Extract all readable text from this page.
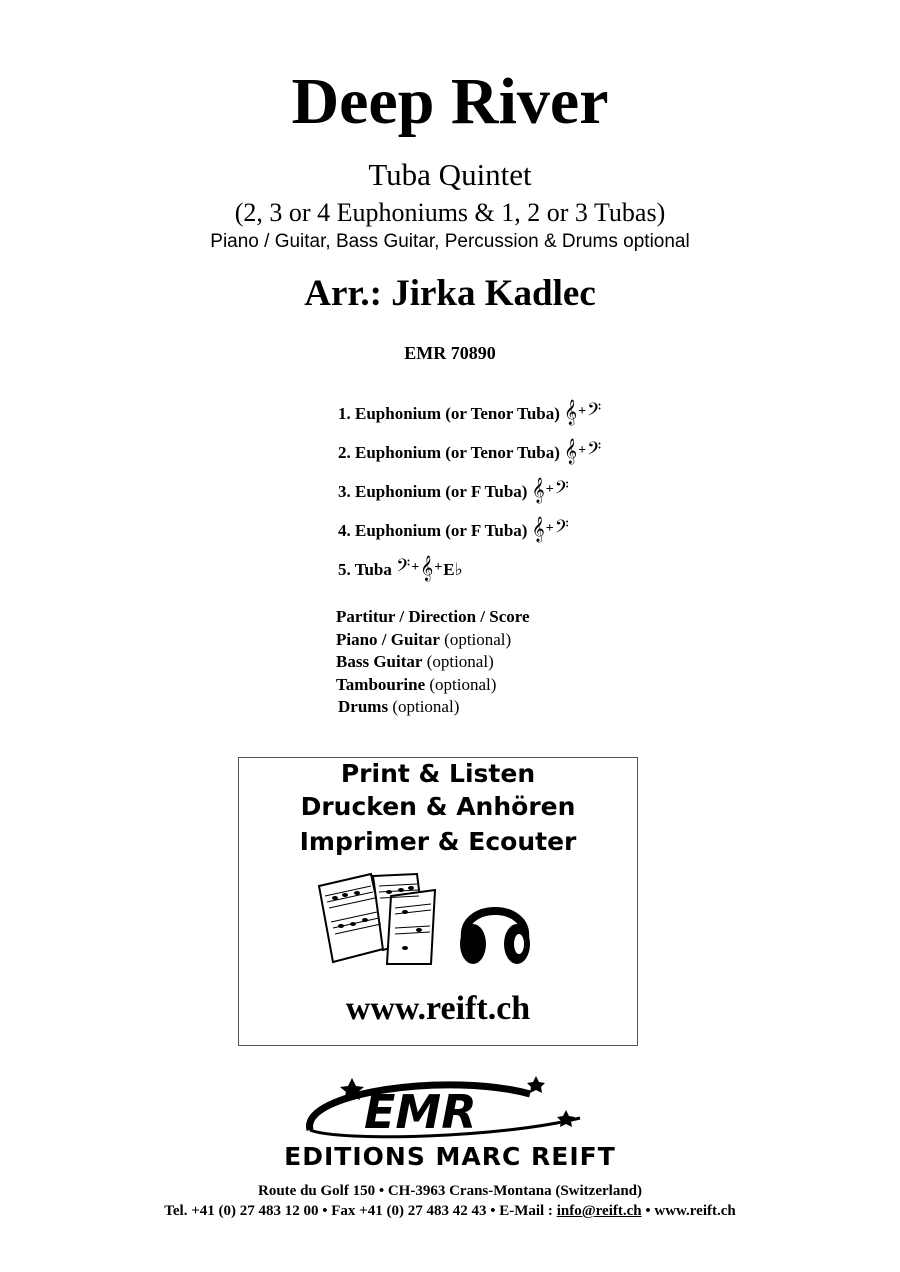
Deep River
Tuba Quintet
(2, 3 or 4 Euphoniums & 1, 2 or 3 Tubas)
Piano / Guitar, Bass Guitar, Percussion & Drums optional
Arr.: Jirka Kadlec
EMR 70890
1. Euphonium (or Tenor Tuba) 𝄞+𝄢
2. Euphonium (or Tenor Tuba) 𝄞+𝄢
3. Euphonium (or F Tuba) 𝄞+𝄢
4. Euphonium (or F Tuba) 𝄞+𝄢
5. Tuba 𝄢+𝄞+E♭
Partitur / Direction / Score
Piano / Guitar (optional)
Bass Guitar (optional)
Tambourine (optional)
Drums (optional)
Print & Listen
Drucken & Anhören
Imprimer & Ecouter
www.reift.ch
EMR
EDITIONS MARC REIFT
Route du Golf 150 • CH-3963 Crans-Montana (Switzerland)
Tel. +41 (0) 27 483 12 00 • Fax +41 (0) 27 483 42 43 • E-Mail : info@reift.ch • www.reift.ch
